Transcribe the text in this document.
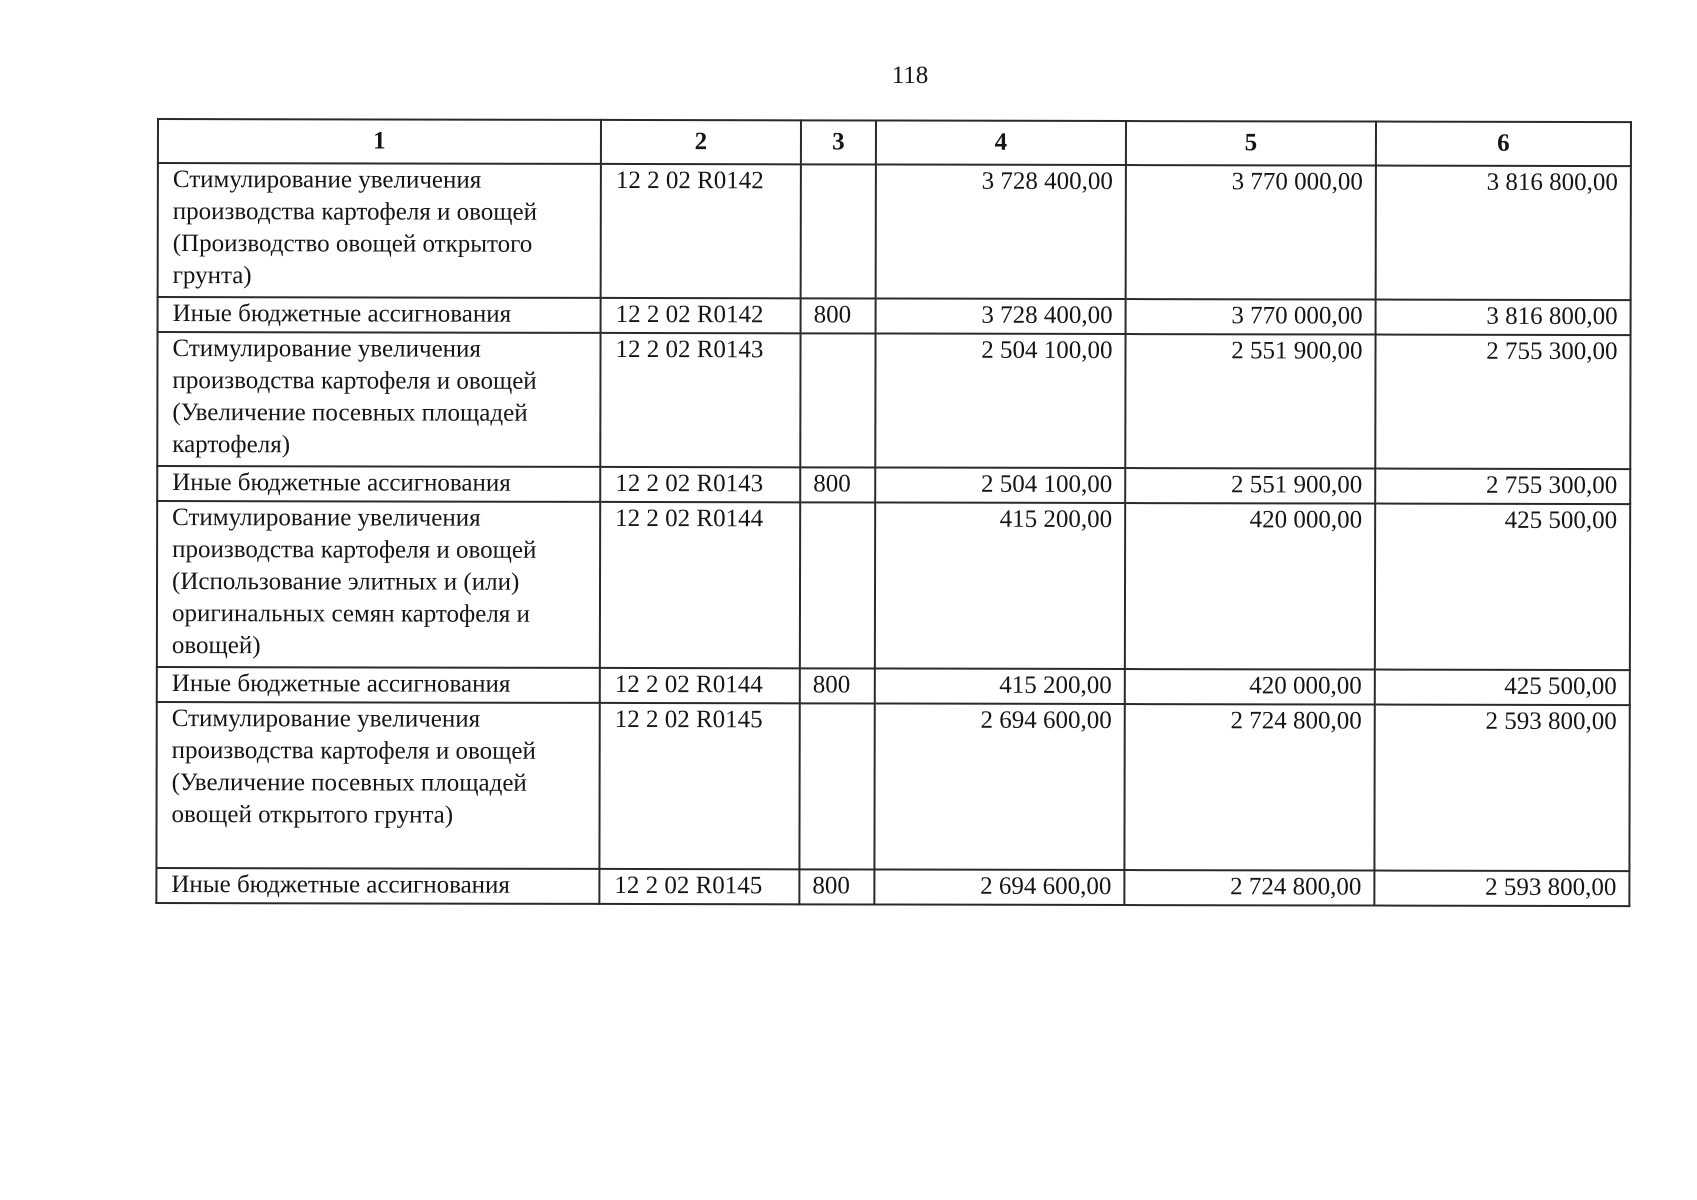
118
1	2	3	4	5	6
Стимулирование увеличения производства картофеля и овощей (Производство овощей открытого грунта)	12 2 02 R0142		3 728 400,00	3 770 000,00	3 816 800,00
Иные бюджетные ассигнования	12 2 02 R0142	800	3 728 400,00	3 770 000,00	3 816 800,00
Стимулирование увеличения производства картофеля и овощей (Увеличение посевных площадей картофеля)	12 2 02 R0143		2 504 100,00	2 551 900,00	2 755 300,00
Иные бюджетные ассигнования	12 2 02 R0143	800	2 504 100,00	2 551 900,00	2 755 300,00
Стимулирование увеличения производства картофеля и овощей (Использование элитных и (или) оригинальных семян картофеля и овощей)	12 2 02 R0144		415 200,00	420 000,00	425 500,00
Иные бюджетные ассигнования	12 2 02 R0144	800	415 200,00	420 000,00	425 500,00
Стимулирование увеличения производства картофеля и овощей (Увеличение посевных площадей овощей открытого грунта)	12 2 02 R0145		2 694 600,00	2 724 800,00	2 593 800,00
Иные бюджетные ассигнования	12 2 02 R0145	800	2 694 600,00	2 724 800,00	2 593 800,00
